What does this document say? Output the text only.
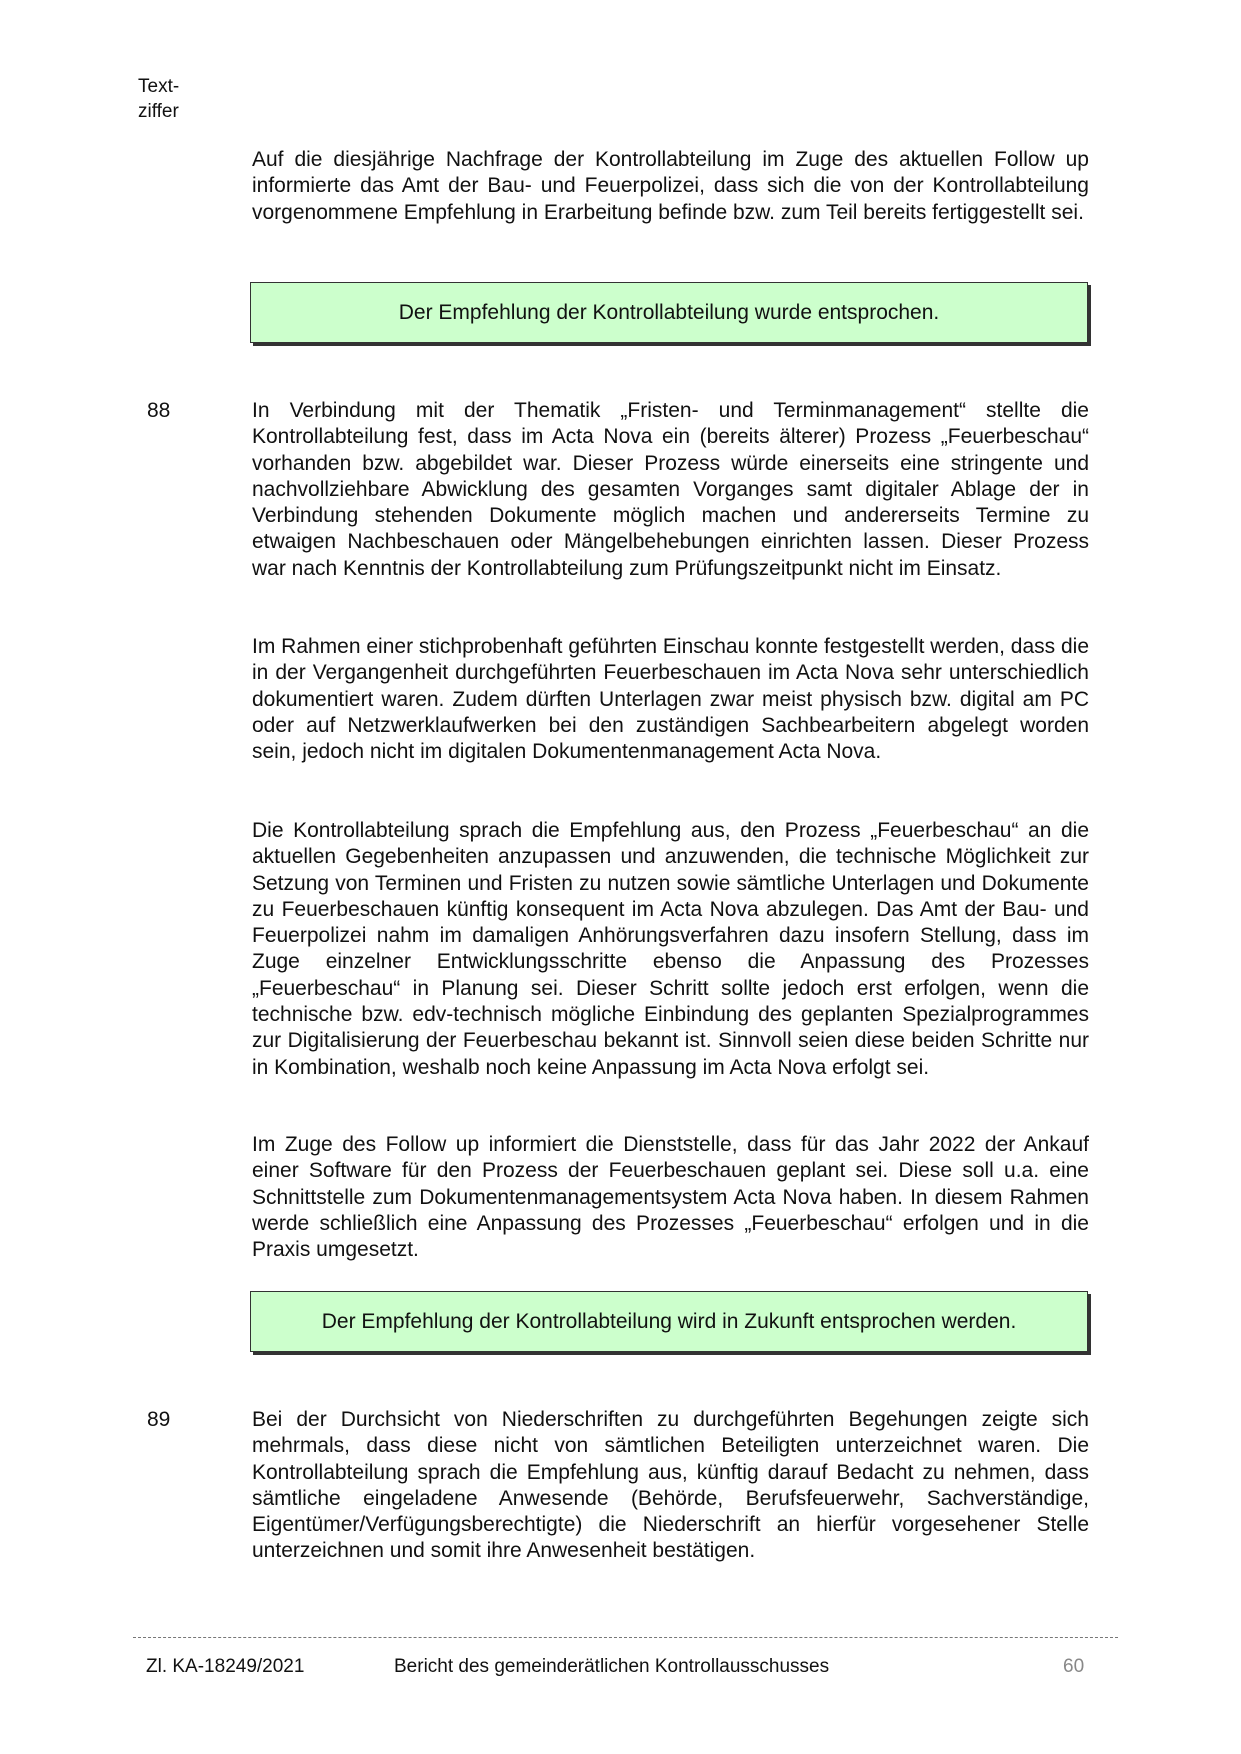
Text-
ziffer

Auf die diesjährige Nachfrage der Kontrollabteilung im Zuge des aktuellen Follow up informierte das Amt der Bau- und Feuerpolizei, dass sich die von der Kontrollabteilung vorgenommene Empfehlung in Erarbeitung befinde bzw. zum Teil bereits fertiggestellt sei.

Der Empfehlung der Kontrollabteilung wurde entsprochen.
88	In Verbindung mit der Thematik „Fristen- und Terminmanagement“ stellte die Kontrollabteilung fest, dass im Acta Nova ein (bereits älterer) Prozess „Feuerbeschau“ vorhanden bzw. abgebildet war. Dieser Prozess würde einerseits eine stringente und nachvollziehbare Abwicklung des gesamten Vorganges samt digitaler Ablage der in Verbindung stehenden Dokumente möglich machen und andererseits Termine zu etwaigen Nachbeschauen oder Mängelbehebungen einrichten lassen. Dieser Prozess war nach Kenntnis der Kontrollabteilung zum Prüfungszeitpunkt nicht im Einsatz.

Im Rahmen einer stichprobenhaft geführten Einschau konnte festgestellt werden, dass die in der Vergangenheit durchgeführten Feuerbeschauen im Acta Nova sehr unterschiedlich dokumentiert waren. Zudem dürften Unterlagen zwar meist physisch bzw. digital am PC oder auf Netzwerklaufwerken bei den zuständigen Sachbearbeitern abgelegt worden sein, jedoch nicht im digitalen Dokumentenmanagement Acta Nova.

Die Kontrollabteilung sprach die Empfehlung aus, den Prozess „Feuerbeschau“ an die aktuellen Gegebenheiten anzupassen und anzuwenden, die technische Möglichkeit zur Setzung von Terminen und Fristen zu nutzen sowie sämtliche Unterlagen und Dokumente zu Feuerbeschauen künftig konsequent im Acta Nova abzulegen. Das Amt der Bau- und Feuerpolizei nahm im damaligen Anhörungsverfahren dazu insofern Stellung, dass im Zuge einzelner Entwicklungsschritte ebenso die Anpassung des Prozesses „Feuerbeschau“ in Planung sei. Dieser Schritt sollte jedoch erst erfolgen, wenn die technische bzw. edv-technisch mögliche Einbindung des geplanten Spezialprogrammes zur Digitalisierung der Feuerbeschau bekannt ist. Sinnvoll seien diese beiden Schritte nur in Kombination, weshalb noch keine Anpassung im Acta Nova erfolgt sei.

Im Zuge des Follow up informiert die Dienststelle, dass für das Jahr 2022 der Ankauf einer Software für den Prozess der Feuerbeschauen geplant sei. Diese soll u.a. eine Schnittstelle zum Dokumentenmanagementsystem Acta Nova haben. In diesem Rahmen werde schließlich eine Anpassung des Prozesses „Feuerbeschau“ erfolgen und in die Praxis umgesetzt.

Der Empfehlung der Kontrollabteilung wird in Zukunft entsprochen werden.
89	Bei der Durchsicht von Niederschriften zu durchgeführten Begehungen zeigte sich mehrmals, dass diese nicht von sämtlichen Beteiligten unterzeichnet waren. Die Kontrollabteilung sprach die Empfehlung aus, künftig darauf Bedacht zu nehmen, dass sämtliche eingeladene Anwesende (Behörde, Berufsfeuerwehr, Sachverständige, Eigentümer/Verfügungsberechtigte) die Niederschrift an hierfür vorgesehener Stelle unterzeichnen und somit ihre Anwesenheit bestätigen.

Zl. KA-18249/2021	Bericht des gemeinderätlichen Kontrollausschusses	60
